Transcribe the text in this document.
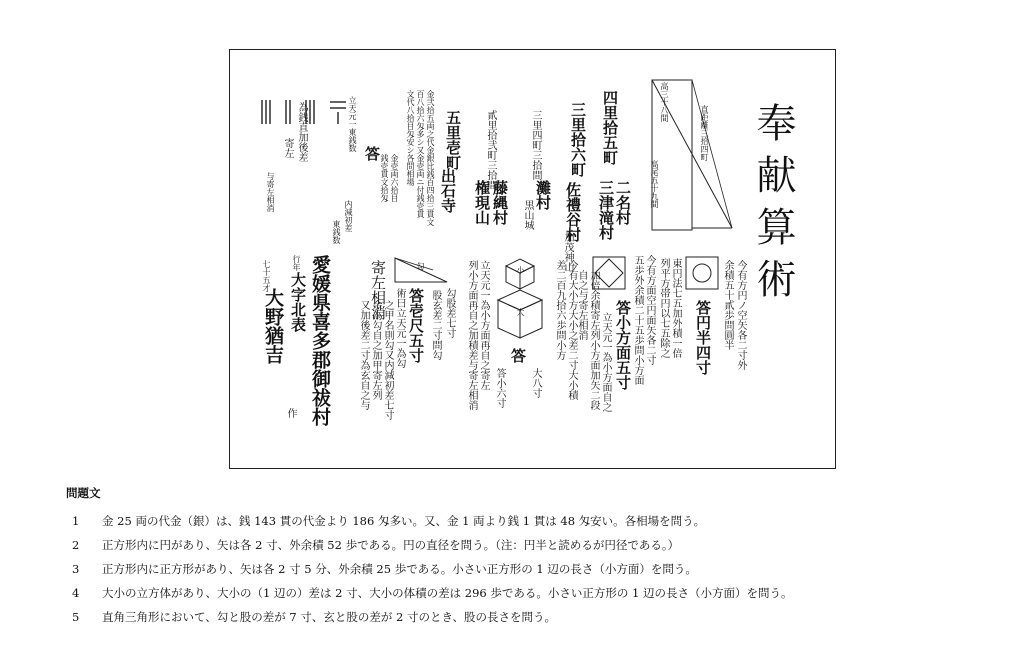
奉献算術
高三十八間
直距離三拾四町
高尾五十九間
今有方円ノ空矢各二寸外
余積五十貳歩問圓半
答円半四寸
東円法七五加外積一倍
列平方帯円以七五除之
今有方面空円面矢各二寸
五歩外余積二十五歩問小方面
答小方面五寸
立天元一為小方面自之
加倍余積寄左列小方面加矢二段
自之与寄左相消
今有大小方大小之差二寸大小積
差二百九拾六歩問小方
小
大
答
答小六寸	大八寸
立天元一為小方面再自之寄左
列小方面再自之加積差与寄左相消
二名村
三津滝村
四里拾五町
三里拾六町
三里四町三拾間
貳里拾弐町三拾間
五里壱町
佐禮谷村
加茂神山
灘村
黒山城
藤縄村
権現山
出石寺
勾
勾股差七寸
股玄差二寸問勾
答壱尺五寸
術曰立天元一為勾
之甲名則勾又内減初差七寸
余為勾自之加甲寄左列
又加後差二寸為玄自之与
寄左相消
金弐拾五両之代金銀比銭百四拾三貫文
百八拾六匁多シ又金壱両ニ付銭壱貫
文代八拾目匁安シ各問相場
金壱両六拾目
銭壱貫文拾匁
答
立天元一東銭数
為銭直加後差
寄左
与寄左相消
内減初差
東銭数
愛媛県喜多郡御祓村
大字北表
大野猶吉
作
行年
七十五才
問題文
1	金 25 両の代金（銀）は、銭 143 貫の代金より 186 匁多い。又、金 1 両より銭 1 貫は 48 匁安い。各相場を問う。
2	正方形内に円があり、矢は各 2 寸、外余積 52 歩である。円の直径を問う。（注：円半と読めるが円径である。）
3	正方形内に正方形があり、矢は各 2 寸 5 分、外余積 25 歩である。小さい正方形の 1 辺の長さ（小方面）を問う。
4	大小の立方体があり、大小の（1 辺の）差は 2 寸、大小の体積の差は 296 歩である。小さい正方形の 1 辺の長さ（小方面）を問う。
5	直角三角形において、勾と股の差が 7 寸、玄と股の差が 2 寸のとき、股の長さを問う。
